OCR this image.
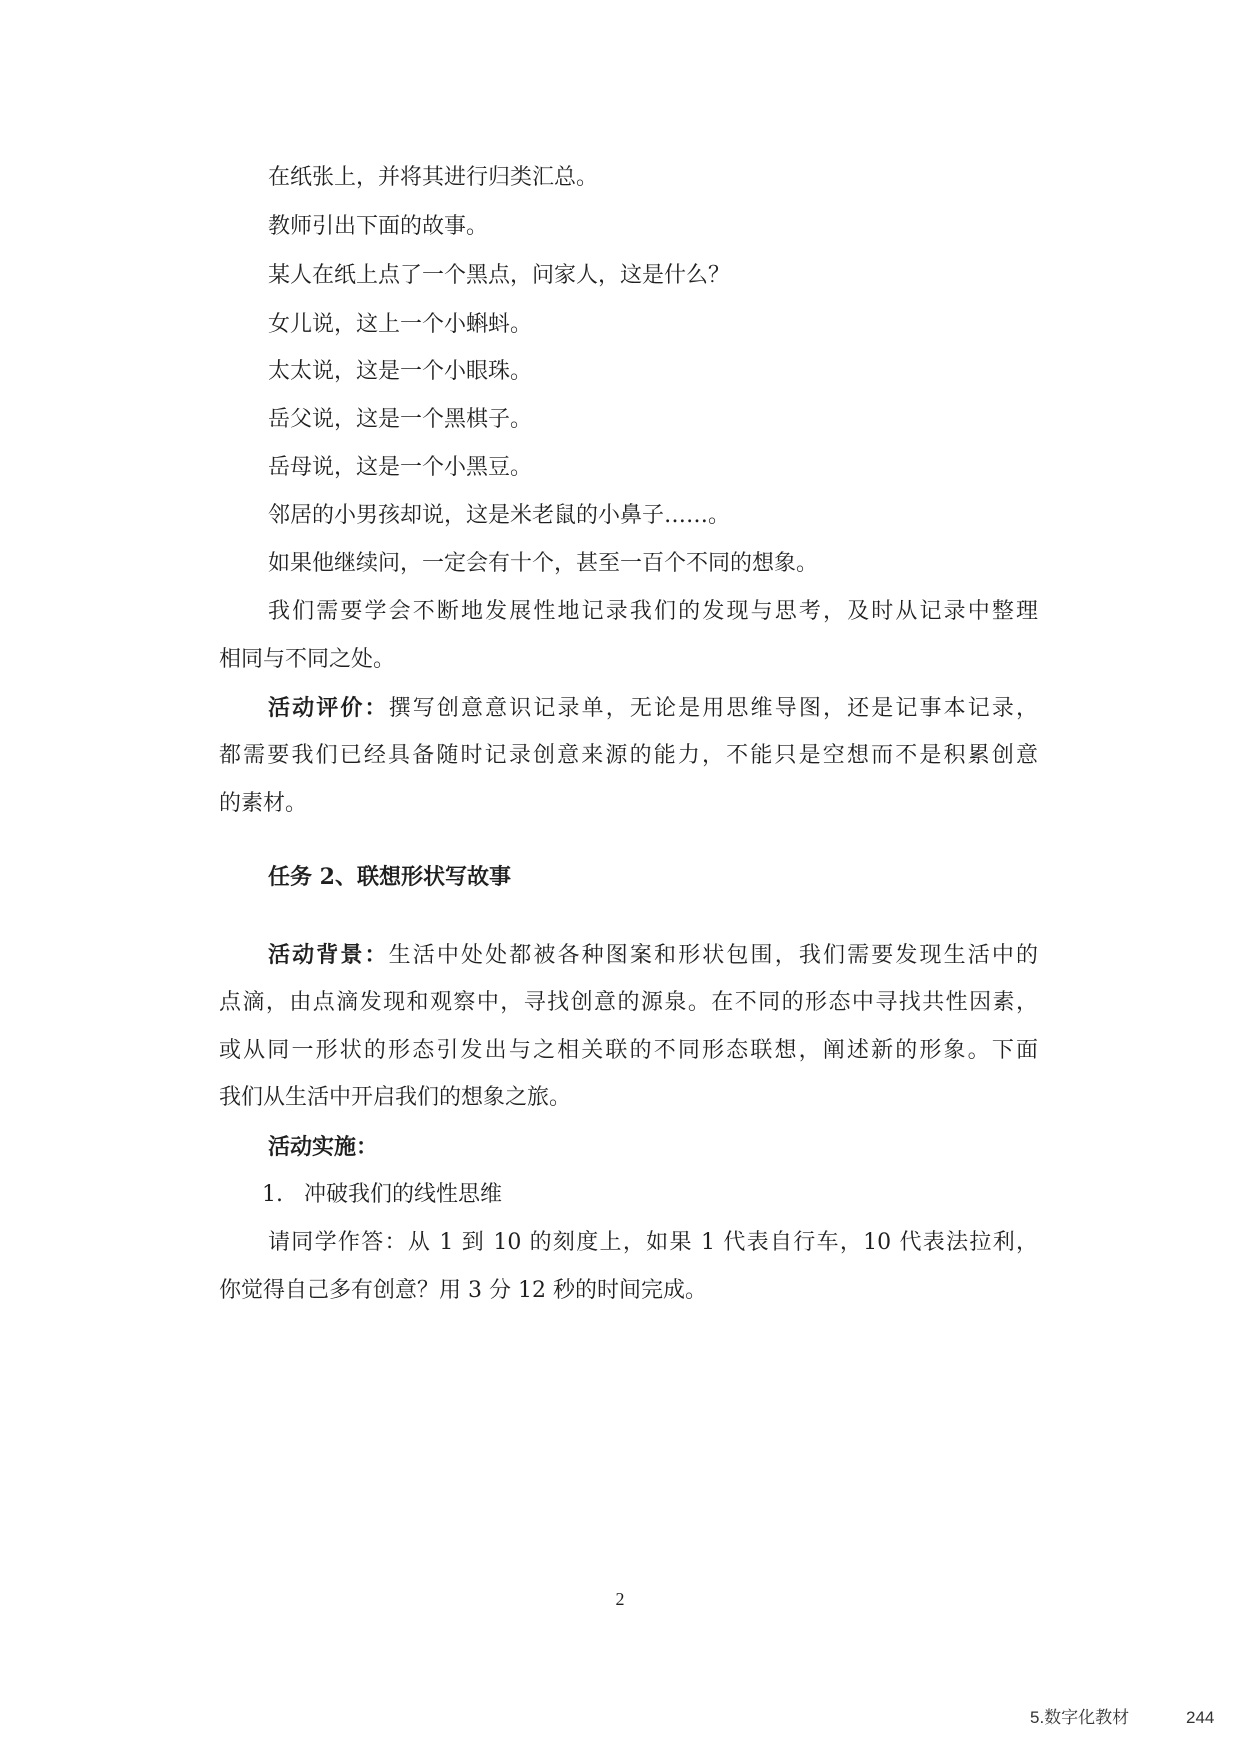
在纸张上，并将其进行归类汇总。
教师引出下面的故事。
某人在纸上点了一个黑点，问家人，这是什么？
女儿说，这上一个小蝌蚪。
太太说，这是一个小眼珠。
岳父说，这是一个黑棋子。
岳母说，这是一个小黑豆。
邻居的小男孩却说，这是米老鼠的小鼻子……。
如果他继续问，一定会有十个，甚至一百个不同的想象。
我们需要学会不断地发展性地记录我们的发现与思考，及时从记录中整理
相同与不同之处。
活动评价：撰写创意意识记录单，无论是用思维导图，还是记事本记录，
都需要我们已经具备随时记录创意来源的能力，不能只是空想而不是积累创意
的素材。
任务 2、联想形状写故事
活动背景：生活中处处都被各种图案和形状包围，我们需要发现生活中的
点滴，由点滴发现和观察中，寻找创意的源泉。在不同的形态中寻找共性因素，
或从同一形状的形态引发出与之相关联的不同形态联想，阐述新的形象。下面
我们从生活中开启我们的想象之旅。
活动实施：
1. 冲破我们的线性思维
请同学作答：从 1 到 10 的刻度上，如果 1 代表自行车，10 代表法拉利，
你觉得自己多有创意？用 3 分 12 秒的时间完成。
2
5.数字化教材	244
